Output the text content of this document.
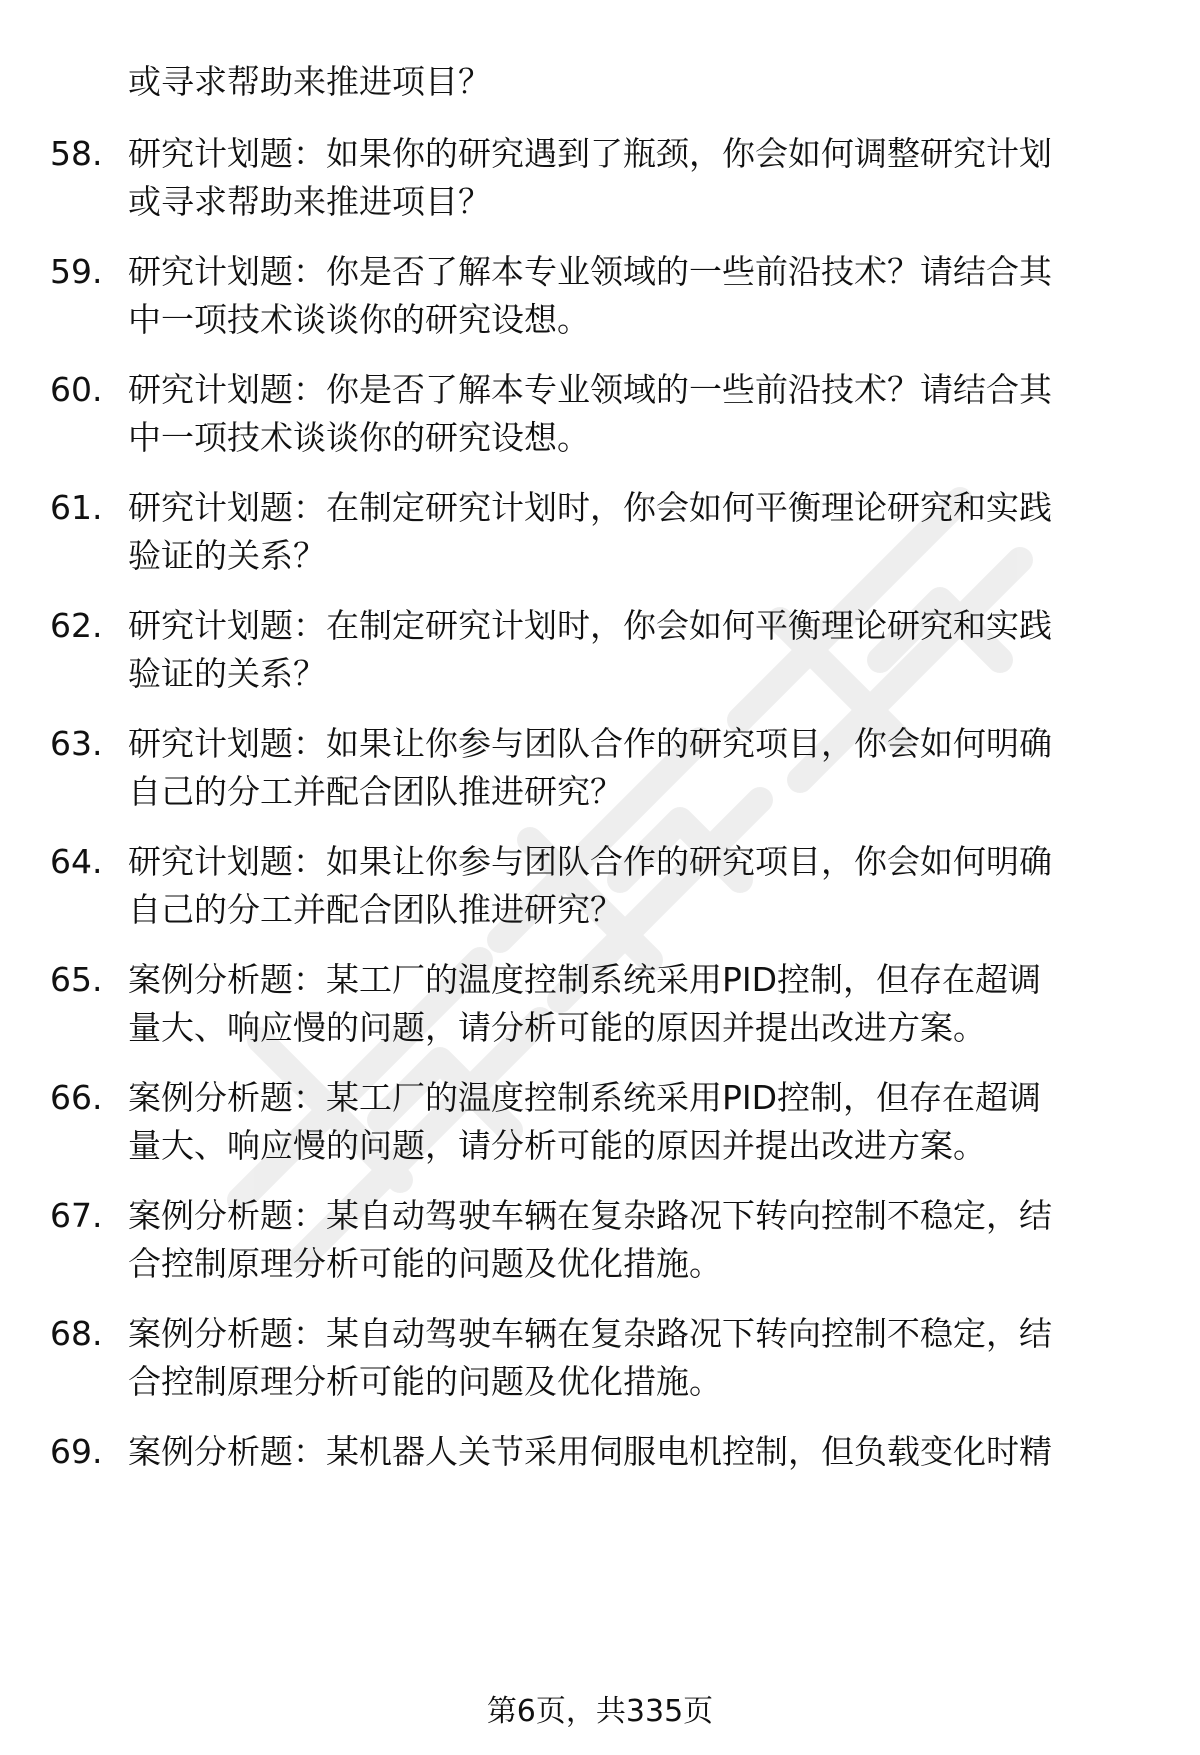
或寻求帮助来推进项目？
58. 研究计划题：如果你的研究遇到了瓶颈，你会如何调整研究计划
或寻求帮助来推进项目？
59. 研究计划题：你是否了解本专业领域的一些前沿技术？请结合其
中一项技术谈谈你的研究设想。
60. 研究计划题：你是否了解本专业领域的一些前沿技术？请结合其
中一项技术谈谈你的研究设想。
61. 研究计划题：在制定研究计划时，你会如何平衡理论研究和实践
验证的关系？
62. 研究计划题：在制定研究计划时，你会如何平衡理论研究和实践
验证的关系？
63. 研究计划题：如果让你参与团队合作的研究项目，你会如何明确
自己的分工并配合团队推进研究？
64. 研究计划题：如果让你参与团队合作的研究项目，你会如何明确
自己的分工并配合团队推进研究？
65. 案例分析题：某工厂的温度控制系统采用PID控制，但存在超调
量大、响应慢的问题，请分析可能的原因并提出改进方案。
66. 案例分析题：某工厂的温度控制系统采用PID控制，但存在超调
量大、响应慢的问题，请分析可能的原因并提出改进方案。
67. 案例分析题：某自动驾驶车辆在复杂路况下转向控制不稳定，结
合控制原理分析可能的问题及优化措施。
68. 案例分析题：某自动驾驶车辆在复杂路况下转向控制不稳定，结
合控制原理分析可能的问题及优化措施。
69. 案例分析题：某机器人关节采用伺服电机控制，但负载变化时精
第6页，共335页
